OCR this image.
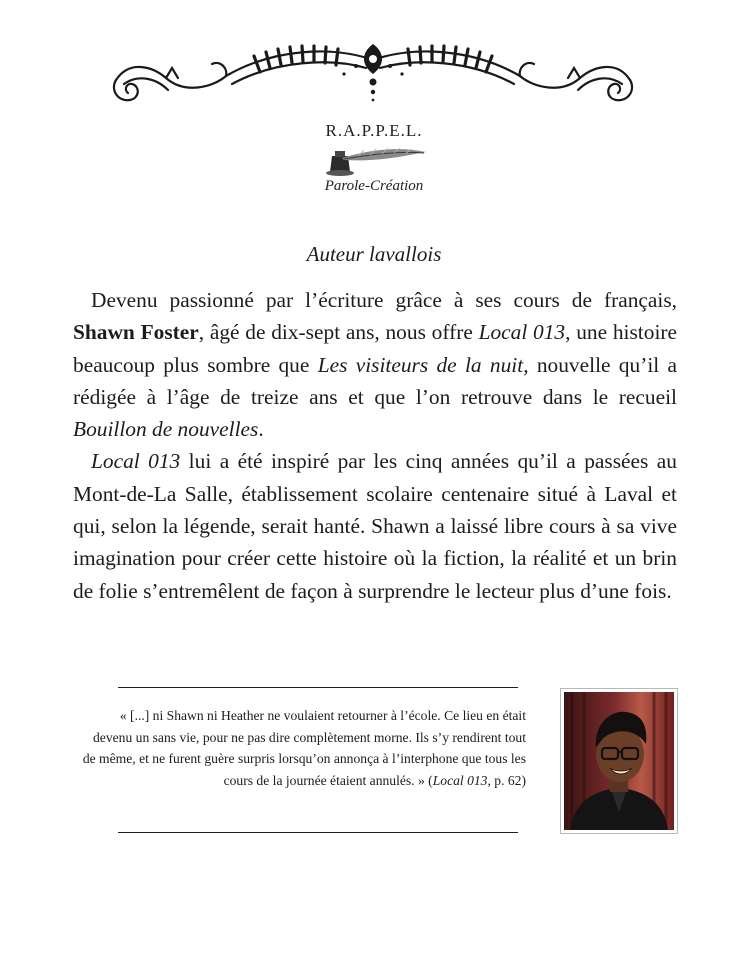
R.A.P.P.E.L.
Parole-Création
Auteur lavallois

Devenu passionné par l’écriture grâce à ses cours de français, Shawn Foster, âgé de dix-sept ans, nous offre Local 013, une histoire beaucoup plus sombre que Les visiteurs de la nuit, nouvelle qu’il a rédigée à l’âge de treize ans et que l’on retrouve dans le recueil Bouillon de nouvelles.

Local 013 lui a été inspiré par les cinq années qu’il a passées au Mont-de-La Salle, établissement scolaire centenaire situé à Laval et qui, selon la légende, serait hanté. Shawn a laissé libre cours à sa vive imagination pour créer cette histoire où la fiction, la réalité et un brin de folie s’entremêlent de façon à surprendre le lecteur plus d’une fois.

« [...] ni Shawn ni Heather ne voulaient retourner à l’école. Ce lieu en était devenu un sans vie, pour ne pas dire complètement morne. Ils s’y rendirent tout de même, et ne furent guère surpris lorsqu’on annonça à l’interphone que tous les cours de la journée étaient annulés. » (Local 013, p. 62)
